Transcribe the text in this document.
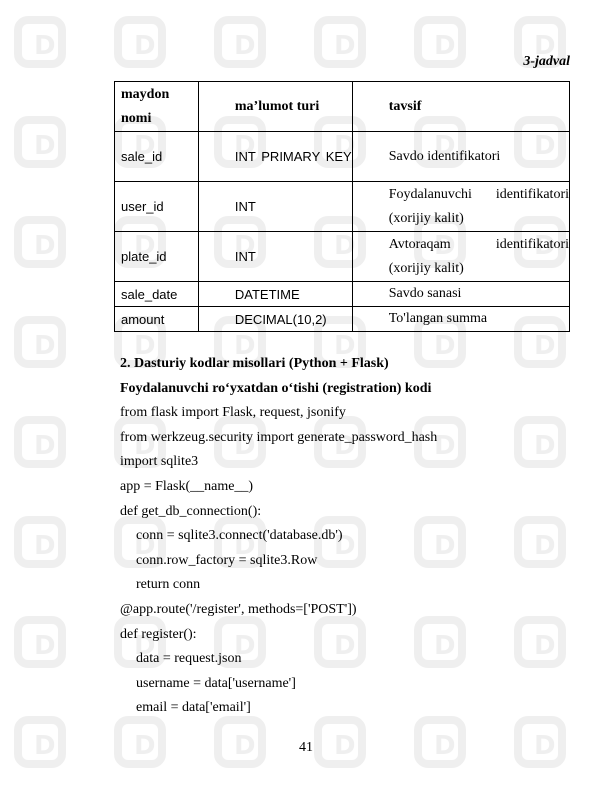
3-jadval
maydon nomi	ma’lumot turi	tavsif
sale_id	INT PRIMARY KEY	Savdo identifikatori
user_id	INT	Foydalanuvchi identifikatori (xorijiy kalit)

plate_id	INT	Avtoraqam identifikatori (xorijiy kalit)

sale_date	DATETIME	Savdo sanasi
amount	DECIMAL(10,2)	To'langan summa
2. Dasturiy kodlar misollari (Python + Flask)
Foydalanuvchi ro‘yxatdan o‘tishi (registration) kodi
from flask import Flask, request, jsonify
from werkzeug.security import generate_password_hash
import sqlite3
app = Flask(__name__)
def get_db_connection():
conn = sqlite3.connect('database.db')
conn.row_factory = sqlite3.Row
return conn
@app.route('/register', methods=['POST'])
def register():
data = request.json
username = data['username']
email = data['email']
41
